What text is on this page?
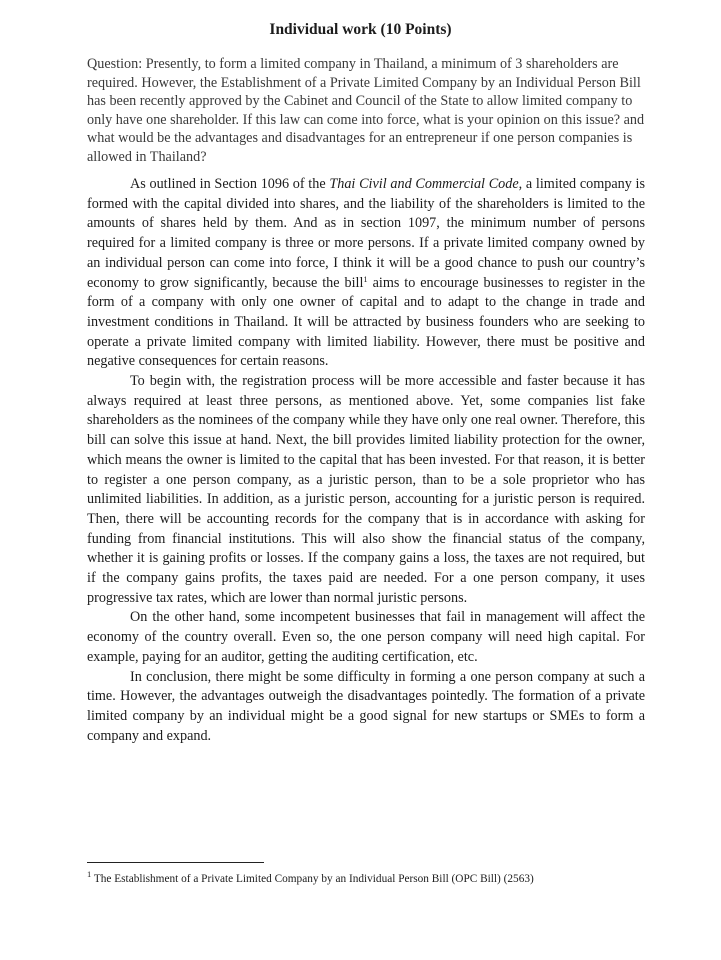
Individual work (10 Points)
Question: Presently, to form a limited company in Thailand, a minimum of 3 shareholders are required. However, the Establishment of a Private Limited Company by an Individual Person Bill has been recently approved by the Cabinet and Council of the State to allow limited company to only have one shareholder. If this law can come into force, what is your opinion on this issue? and what would be the advantages and disadvantages for an entrepreneur if one person companies is allowed in Thailand?

As outlined in Section 1096 of the Thai Civil and Commercial Code, a limited company is formed with the capital divided into shares, and the liability of the shareholders is limited to the amounts of shares held by them. And as in section 1097, the minimum number of persons required for a limited company is three or more persons. If a private limited company owned by an individual person can come into force, I think it will be a good chance to push our country’s economy to grow significantly, because the bill$^1$ aims to encourage businesses to register in the form of a company with only one owner of capital and to adapt to the change in trade and investment conditions in Thailand. It will be attracted by business founders who are seeking to operate a private limited company with limited liability. However, there must be positive and negative consequences for certain reasons.

To begin with, the registration process will be more accessible and faster because it has always required at least three persons, as mentioned above. Yet, some companies list fake shareholders as the nominees of the company while they have only one real owner. Therefore, this bill can solve this issue at hand. Next, the bill provides limited liability protection for the owner, which means the owner is limited to the capital that has been invested. For that reason, it is better to register a one person company, as a juristic person, than to be a sole proprietor who has unlimited liabilities. In addition, as a juristic person, accounting for a juristic person is required. Then, there will be accounting records for the company that is in accordance with asking for funding from financial institutions. This will also show the financial status of the company, whether it is gaining profits or losses. If the company gains a loss, the taxes are not required, but if the company gains profits, the taxes paid are needed. For a one person company, it uses progressive tax rates, which are lower than normal juristic persons.

On the other hand, some incompetent businesses that fail in management will affect the economy of the country overall. Even so, the one person company will need high capital. For example, paying for an auditor, getting the auditing certification, etc.

In conclusion, there might be some difficulty in forming a one person company at such a time. However, the advantages outweigh the disadvantages pointedly. The formation of a private limited company by an individual might be a good signal for new startups or SMEs to form a company and expand.

$^1$ The Establishment of a Private Limited Company by an Individual Person Bill (OPC Bill) (2563)
